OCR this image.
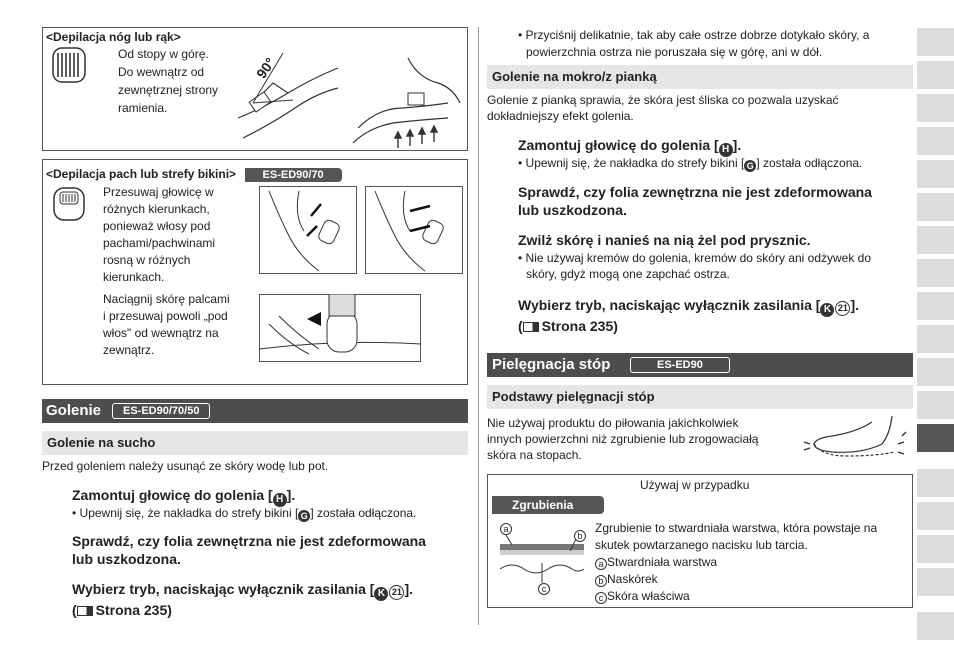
<Depilacja nóg lub rąk>
Od stopy w górę.
Do wewnątrz od
zewnętrznej strony
ramienia.
90°
<Depilacja pach lub strefy bikini> ES-ED90/70
Przesuwaj głowicę w
różnych kierunkach,
ponieważ włosy pod
pachami/pachwinami
rosną w różnych
kierunkach.
Naciągnij skórę palcami
i przesuwaj powoli „pod
włos" od wewnątrz na
zewnątrz.
Golenie	ES-ED90/70/50
Golenie na sucho
Przed goleniem należy usunąć ze skóry wodę lub pot.
Zamontuj głowicę do golenia [ H ].
• Upewnij się, że nakładka do strefy bikini [ G ] została odłączona.
Sprawdź, czy folia zewnętrzna nie jest zdeformowana
lub uszkodzona.
Wybierz tryb, naciskając wyłącznik zasilania [ K 21 ].
( Strona 235)
• Przyciśnij delikatnie, tak aby całe ostrze dobrze dotykało skóry, a
powierzchnia ostrza nie poruszała się w górę, ani w dół.
Golenie na mokro/z pianką
Golenie z pianką sprawia, że skóra jest śliska co pozwala uzyskać
dokładniejszy efekt golenia.
Zamontuj głowicę do golenia [ H ].
• Upewnij się, że nakładka do strefy bikini [ G ] została odłączona.
Sprawdź, czy folia zewnętrzna nie jest zdeformowana
lub uszkodzona.
Zwilż skórę i nanieś na nią żel pod prysznic.
• Nie używaj kremów do golenia, kremów do skóry ani odżywek do
skóry, gdyż mogą one zapchać ostrza.
Wybierz tryb, naciskając wyłącznik zasilania [ K 21 ].
( Strona 235)
Pielęgnacja stóp	ES-ED90
Podstawy pielęgnacji stóp
Nie używaj produktu do piłowania jakichkolwiek
innych powierzchni niż zgrubienie lub zrogowaciałą
skóra na stopach.
Używaj w przypadku
Zgrubienia
a
b
c
Zgrubienie to stwardniała warstwa, która powstaje na
skutek powtarzanego nacisku lub tarcia.
a Stwardniała warstwa
b Naskórek
c Skóra właściwa
